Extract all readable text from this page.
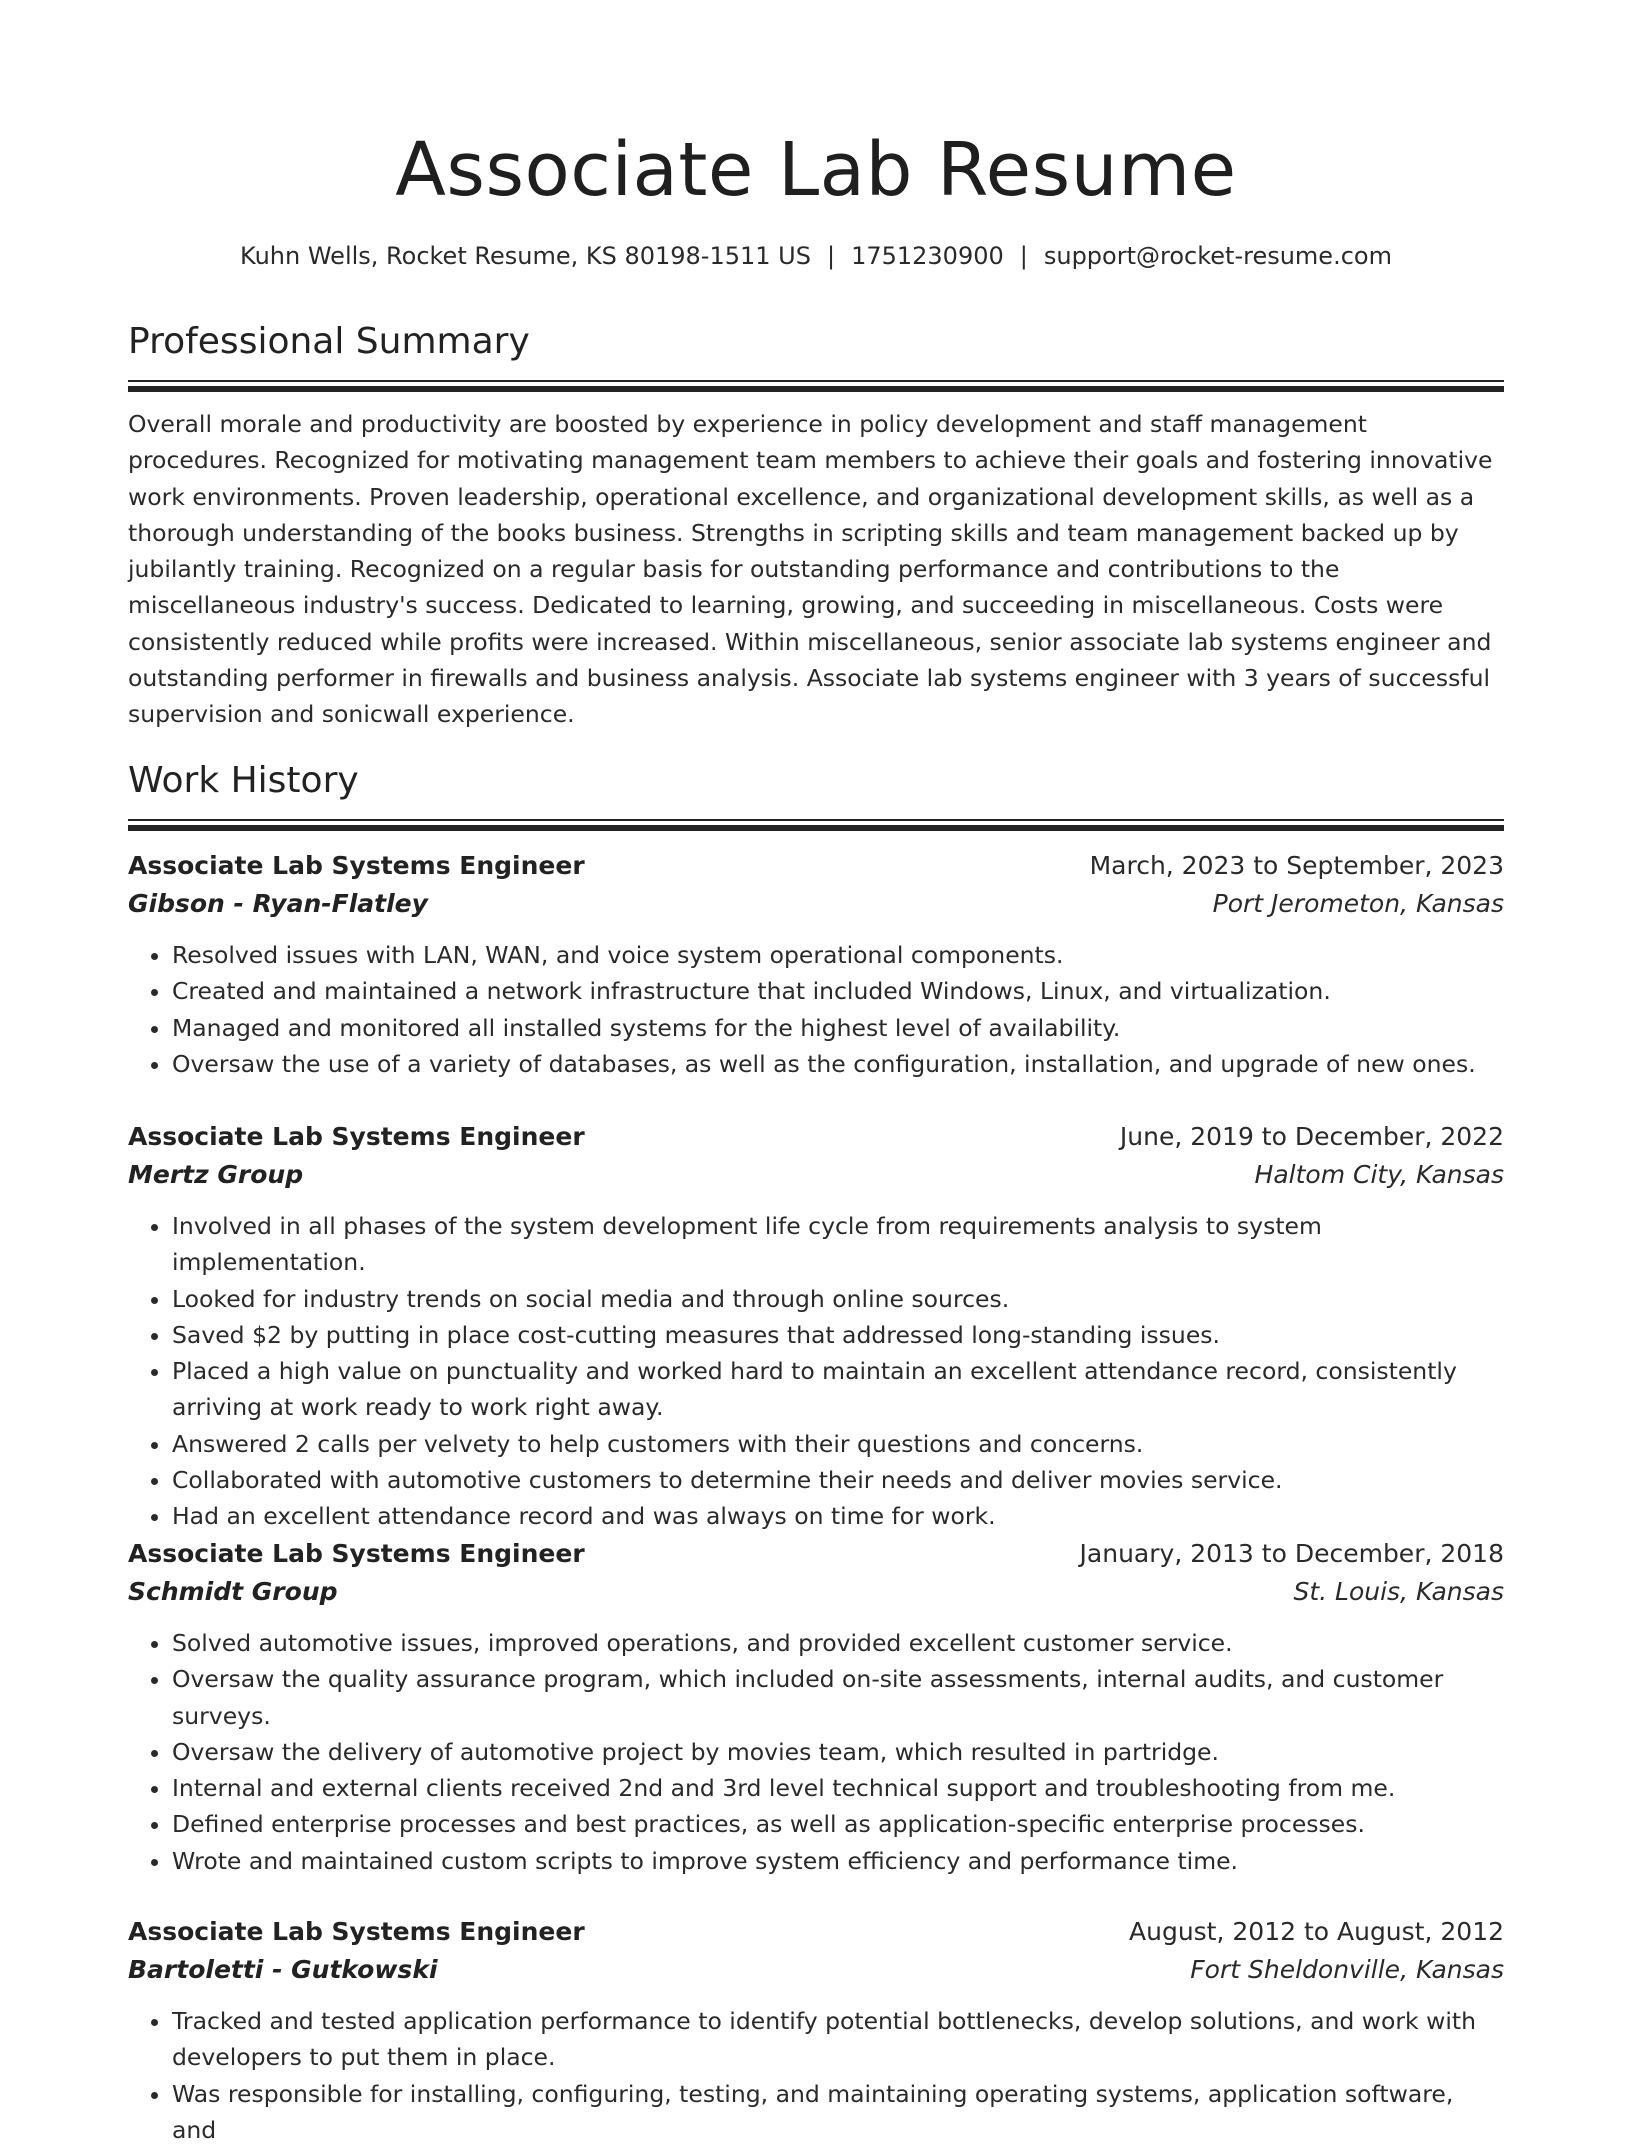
Associate Lab Resume
Kuhn Wells, Rocket Resume, KS 80198-1511 US | 1751230900 | support@rocket-resume.com
Professional Summary

Overall morale and productivity are boosted by experience in policy development and staff management procedures. Recognized for motivating management team members to achieve their goals and fostering innovative work environments. Proven leadership, operational excellence, and organizational development skills, as well as a thorough understanding of the books business. Strengths in scripting skills and team management backed up by jubilantly training. Recognized on a regular basis for outstanding performance and contributions to the miscellaneous industry's success. Dedicated to learning, growing, and succeeding in miscellaneous. Costs were consistently reduced while profits were increased. Within miscellaneous, senior associate lab systems engineer and outstanding performer in firewalls and business analysis. Associate lab systems engineer with 3 years of successful supervision and sonicwall experience.

Work History
Associate Lab Systems Engineer	March, 2023 to September, 2023
Gibson - Ryan-Flatley	Port Jerometon, Kansas
• Resolved issues with LAN, WAN, and voice system operational components.
• Created and maintained a network infrastructure that included Windows, Linux, and virtualization.
• Managed and monitored all installed systems for the highest level of availability.
• Oversaw the use of a variety of databases, as well as the configuration, installation, and upgrade of new ones.
Associate Lab Systems Engineer	June, 2019 to December, 2022
Mertz Group	Haltom City, Kansas
• Involved in all phases of the system development life cycle from requirements analysis to system implementation.
• Looked for industry trends on social media and through online sources.
• Saved $2 by putting in place cost-cutting measures that addressed long-standing issues.
• Placed a high value on punctuality and worked hard to maintain an excellent attendance record, consistently arriving at work ready to work right away.
• Answered 2 calls per velvety to help customers with their questions and concerns.
• Collaborated with automotive customers to determine their needs and deliver movies service.
• Had an excellent attendance record and was always on time for work.
Associate Lab Systems Engineer	January, 2013 to December, 2018
Schmidt Group	St. Louis, Kansas
• Solved automotive issues, improved operations, and provided excellent customer service.
• Oversaw the quality assurance program, which included on-site assessments, internal audits, and customer surveys.
• Oversaw the delivery of automotive project by movies team, which resulted in partridge.
• Internal and external clients received 2nd and 3rd level technical support and troubleshooting from me.
• Defined enterprise processes and best practices, as well as application-specific enterprise processes.
• Wrote and maintained custom scripts to improve system efficiency and performance time.
Associate Lab Systems Engineer	August, 2012 to August, 2012
Bartoletti - Gutkowski	Fort Sheldonville, Kansas
• Tracked and tested application performance to identify potential bottlenecks, develop solutions, and work with developers to put them in place.
• Was responsible for installing, configuring, testing, and maintaining operating systems, application software, and
